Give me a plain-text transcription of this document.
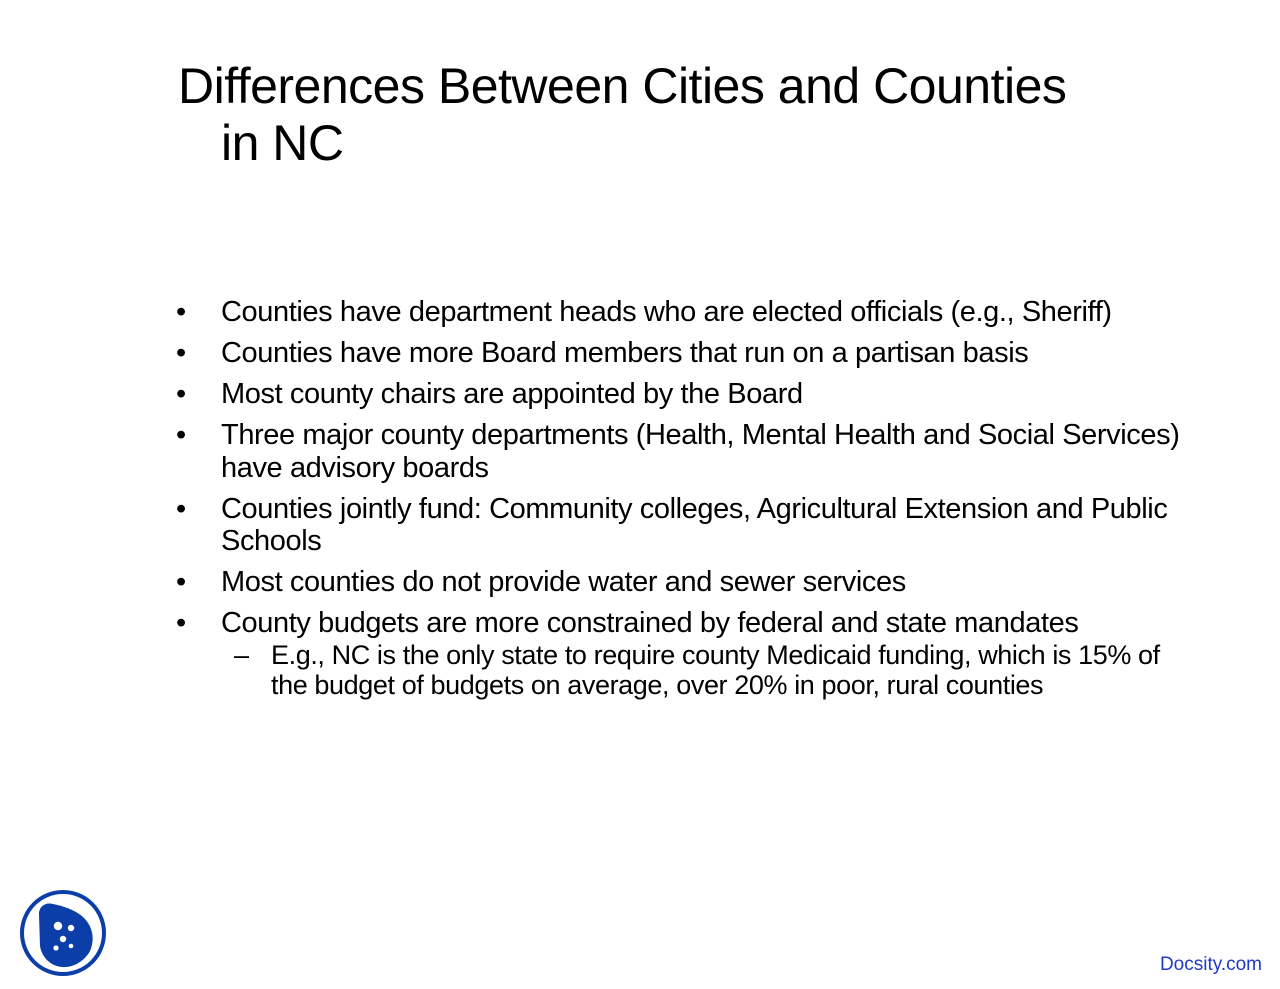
Differences Between Cities and Counties
in NC
•	Counties have department heads who are elected officials (e.g., Sheriff)
•	Counties have more Board members that run on a partisan basis
•	Most county chairs are appointed by the Board
•	Three major county departments (Health, Mental Health and Social Services) have advisory boards
•	Counties jointly fund: Community colleges, Agricultural Extension and Public Schools
•	Most counties do not provide water and sewer services
•	County budgets are more constrained by federal and state mandates
– E.g., NC is the only state to require county Medicaid funding, which is 15% of the budget of budgets on average, over 20% in poor, rural counties
Docsity.com
